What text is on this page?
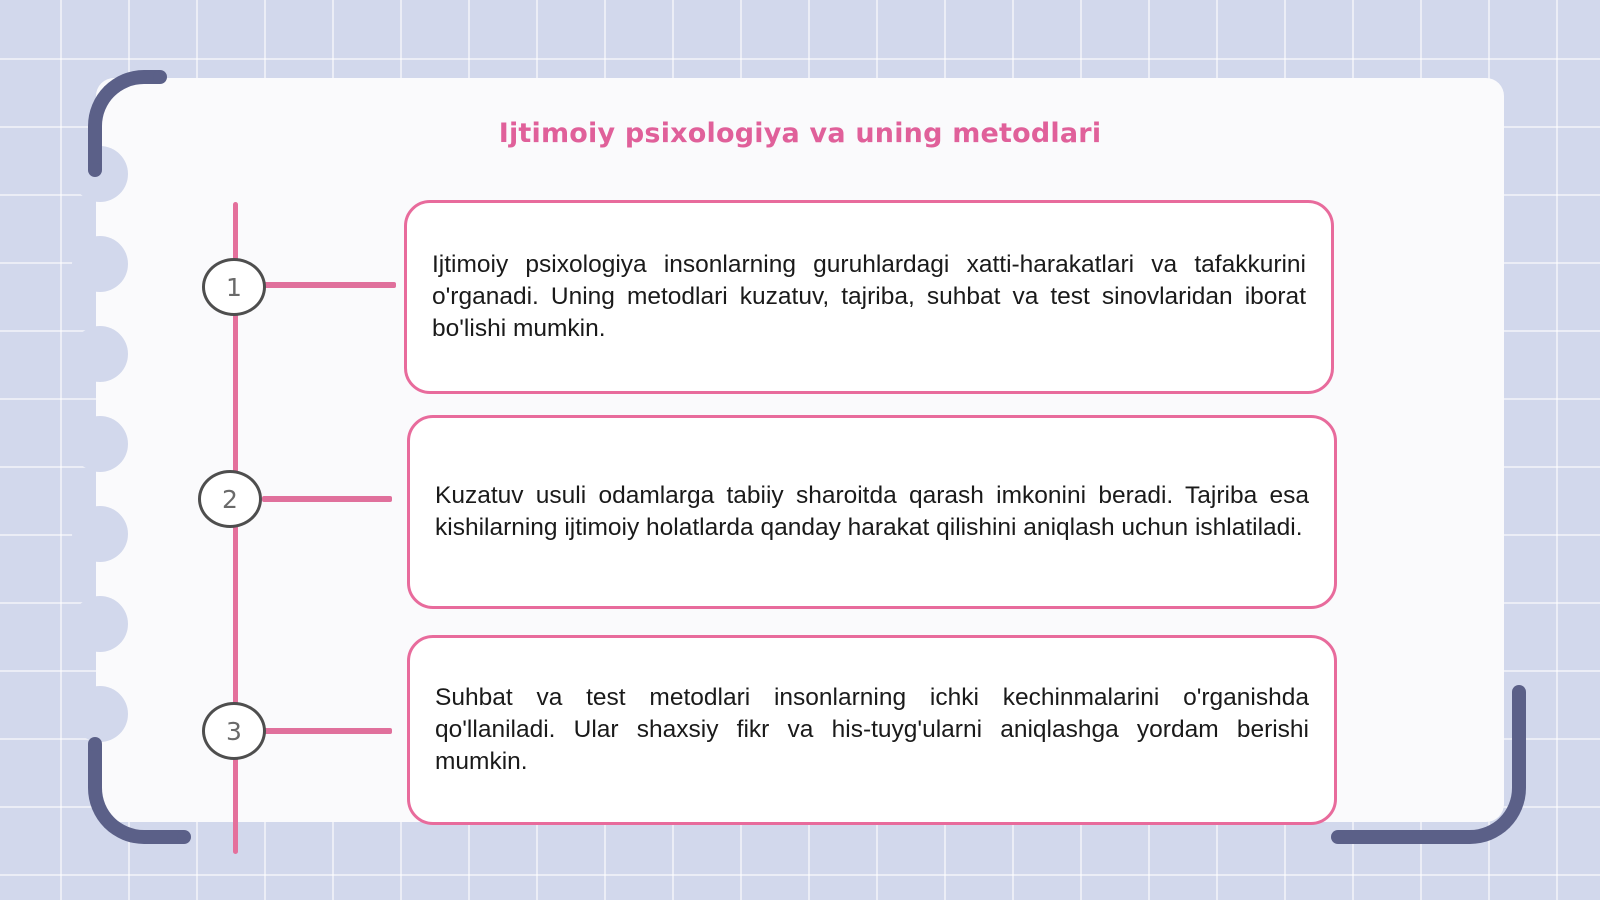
Ijtimoiy psixologiya va uning metodlari
1

Ijtimoiy psixologiya insonlarning guruhlardagi xatti-harakatlari va tafakkurini o'rganadi. Uning metodlari kuzatuv, tajriba, suhbat va test sinovlaridan iborat bo'lishi mumkin.

2	Kuzatuv usuli odamlarga tabiiy sharoitda qarash imkonini beradi. Tajriba esa kishilarning ijtimoiy holatlarda qanday harakat qilishini aniqlash uchun ishlatiladi.

3

Suhbat va test metodlari insonlarning ichki kechinmalarini o'rganishda qo'llaniladi. Ular shaxsiy fikr va his-tuyg'ularni aniqlashga yordam berishi mumkin.
